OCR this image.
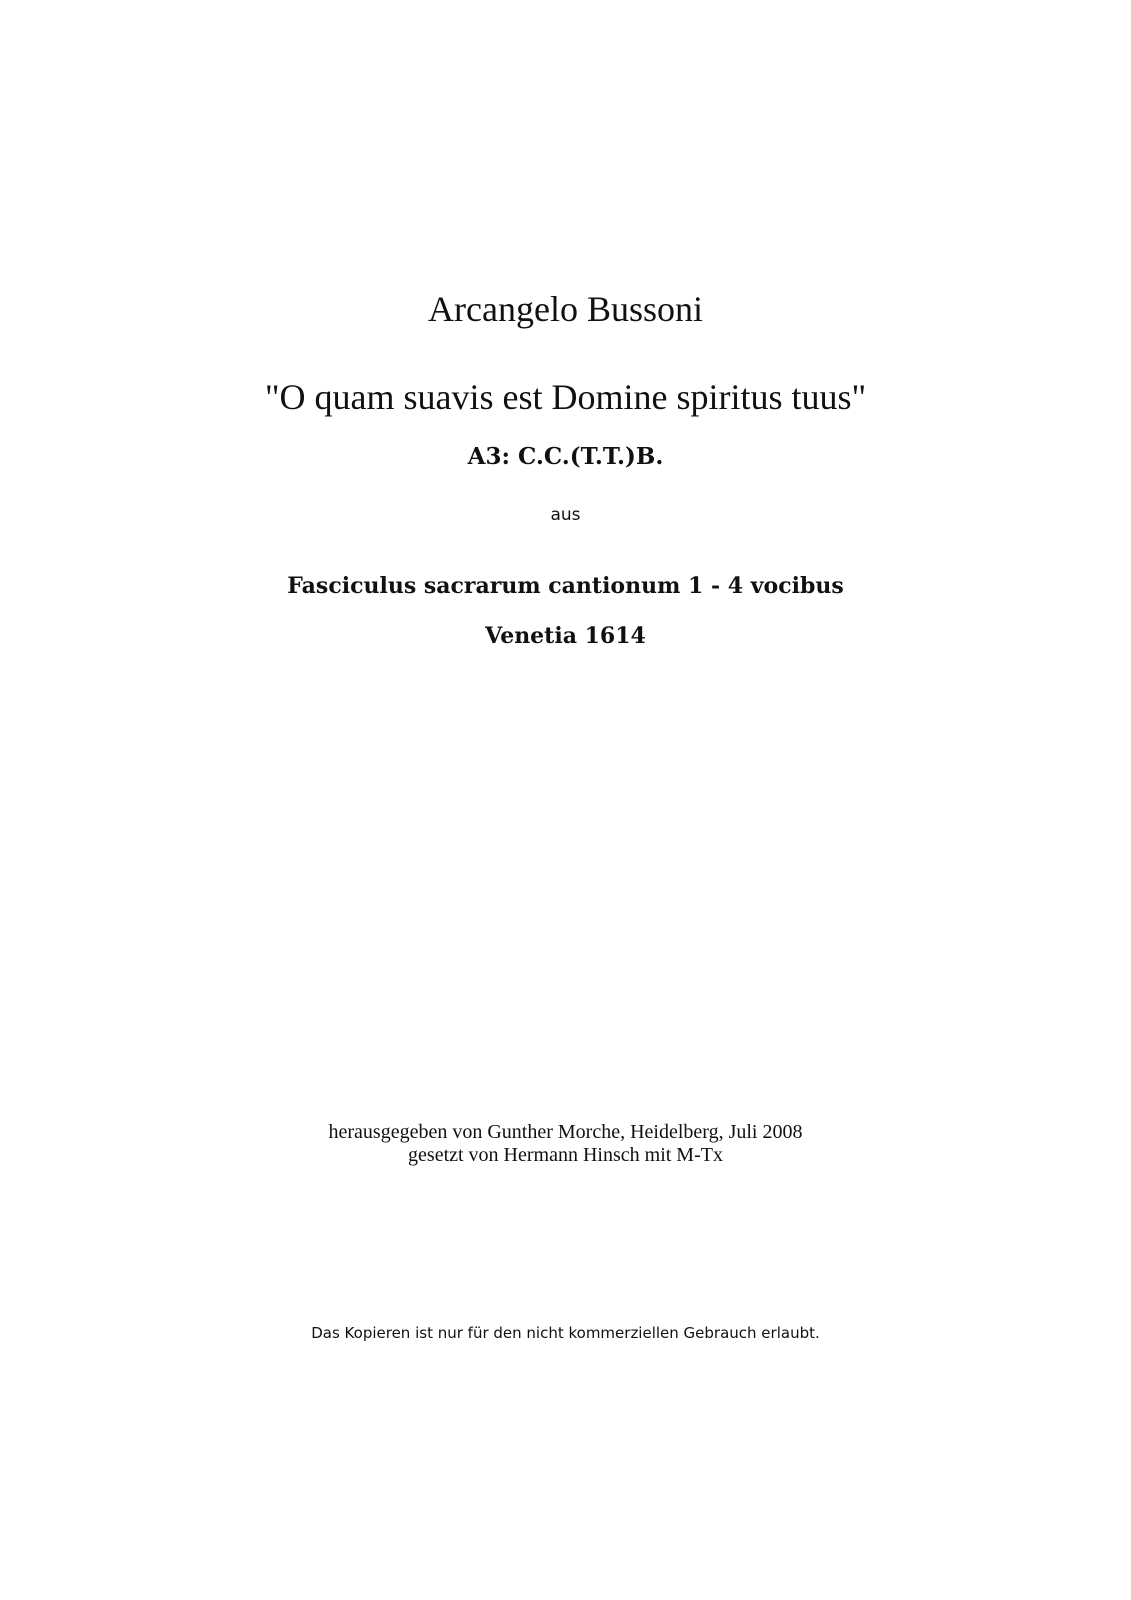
Arcangelo Bussoni
"O quam suavis est Domine spiritus tuus"
A3: C.C.(T.T.)B.
aus
Fasciculus sacrarum cantionum 1 - 4 vocibus
Venetia 1614
herausgegeben von Gunther Morche, Heidelberg, Juli 2008
gesetzt von Hermann Hinsch mit M-Tx
Das Kopieren ist nur für den nicht kommerziellen Gebrauch erlaubt.
